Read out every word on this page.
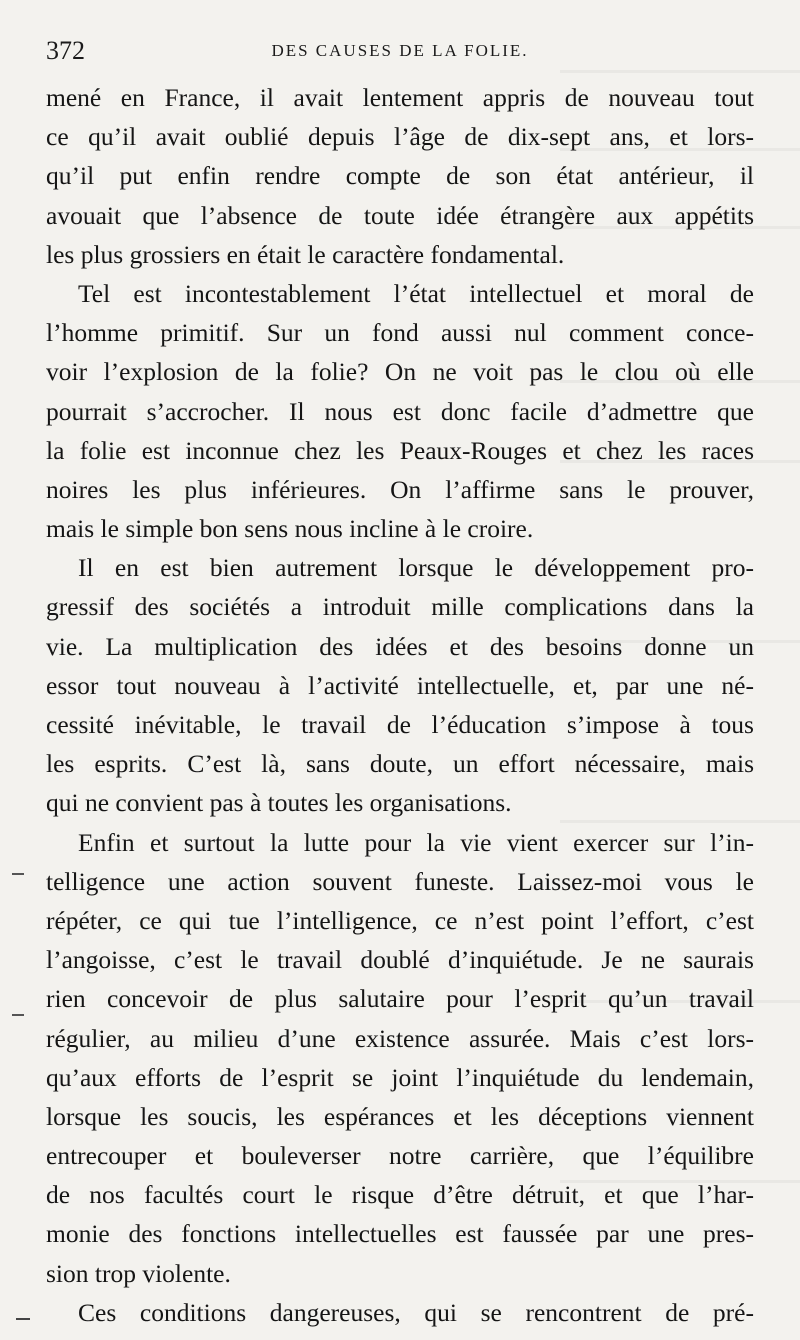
372	DES CAUSES DE LA FOLIE.
mené en France, il avait lentement appris de nouveau tout
ce qu’il avait oublié depuis l’âge de dix-sept ans, et lors-
qu’il put enfin rendre compte de son état antérieur, il
avouait que l’absence de toute idée étrangère aux appétits
les plus grossiers en était le caractère fondamental.
Tel est incontestablement l’état intellectuel et moral de
l’homme primitif. Sur un fond aussi nul comment conce-
voir l’explosion de la folie? On ne voit pas le clou où elle
pourrait s’accrocher. Il nous est donc facile d’admettre que
la folie est inconnue chez les Peaux-Rouges et chez les races
noires les plus inférieures. On l’affirme sans le prouver,
mais le simple bon sens nous incline à le croire.
Il en est bien autrement lorsque le développement pro-
gressif des sociétés a introduit mille complications dans la
vie. La multiplication des idées et des besoins donne un
essor tout nouveau à l’activité intellectuelle, et, par une né-
cessité inévitable, le travail de l’éducation s’impose à tous
les esprits. C’est là, sans doute, un effort nécessaire, mais
qui ne convient pas à toutes les organisations.
Enfin et surtout la lutte pour la vie vient exercer sur l’in-
telligence une action souvent funeste. Laissez-moi vous le
répéter, ce qui tue l’intelligence, ce n’est point l’effort, c’est
l’angoisse, c’est le travail doublé d’inquiétude. Je ne saurais
rien concevoir de plus salutaire pour l’esprit qu’un travail
régulier, au milieu d’une existence assurée. Mais c’est lors-
qu’aux efforts de l’esprit se joint l’inquiétude du lendemain,
lorsque les soucis, les espérances et les déceptions viennent
entrecouper et bouleverser notre carrière, que l’équilibre
de nos facultés court le risque d’être détruit, et que l’har-
monie des fonctions intellectuelles est faussée par une pres-
sion trop violente.
Ces conditions dangereuses, qui se rencontrent de pré-
